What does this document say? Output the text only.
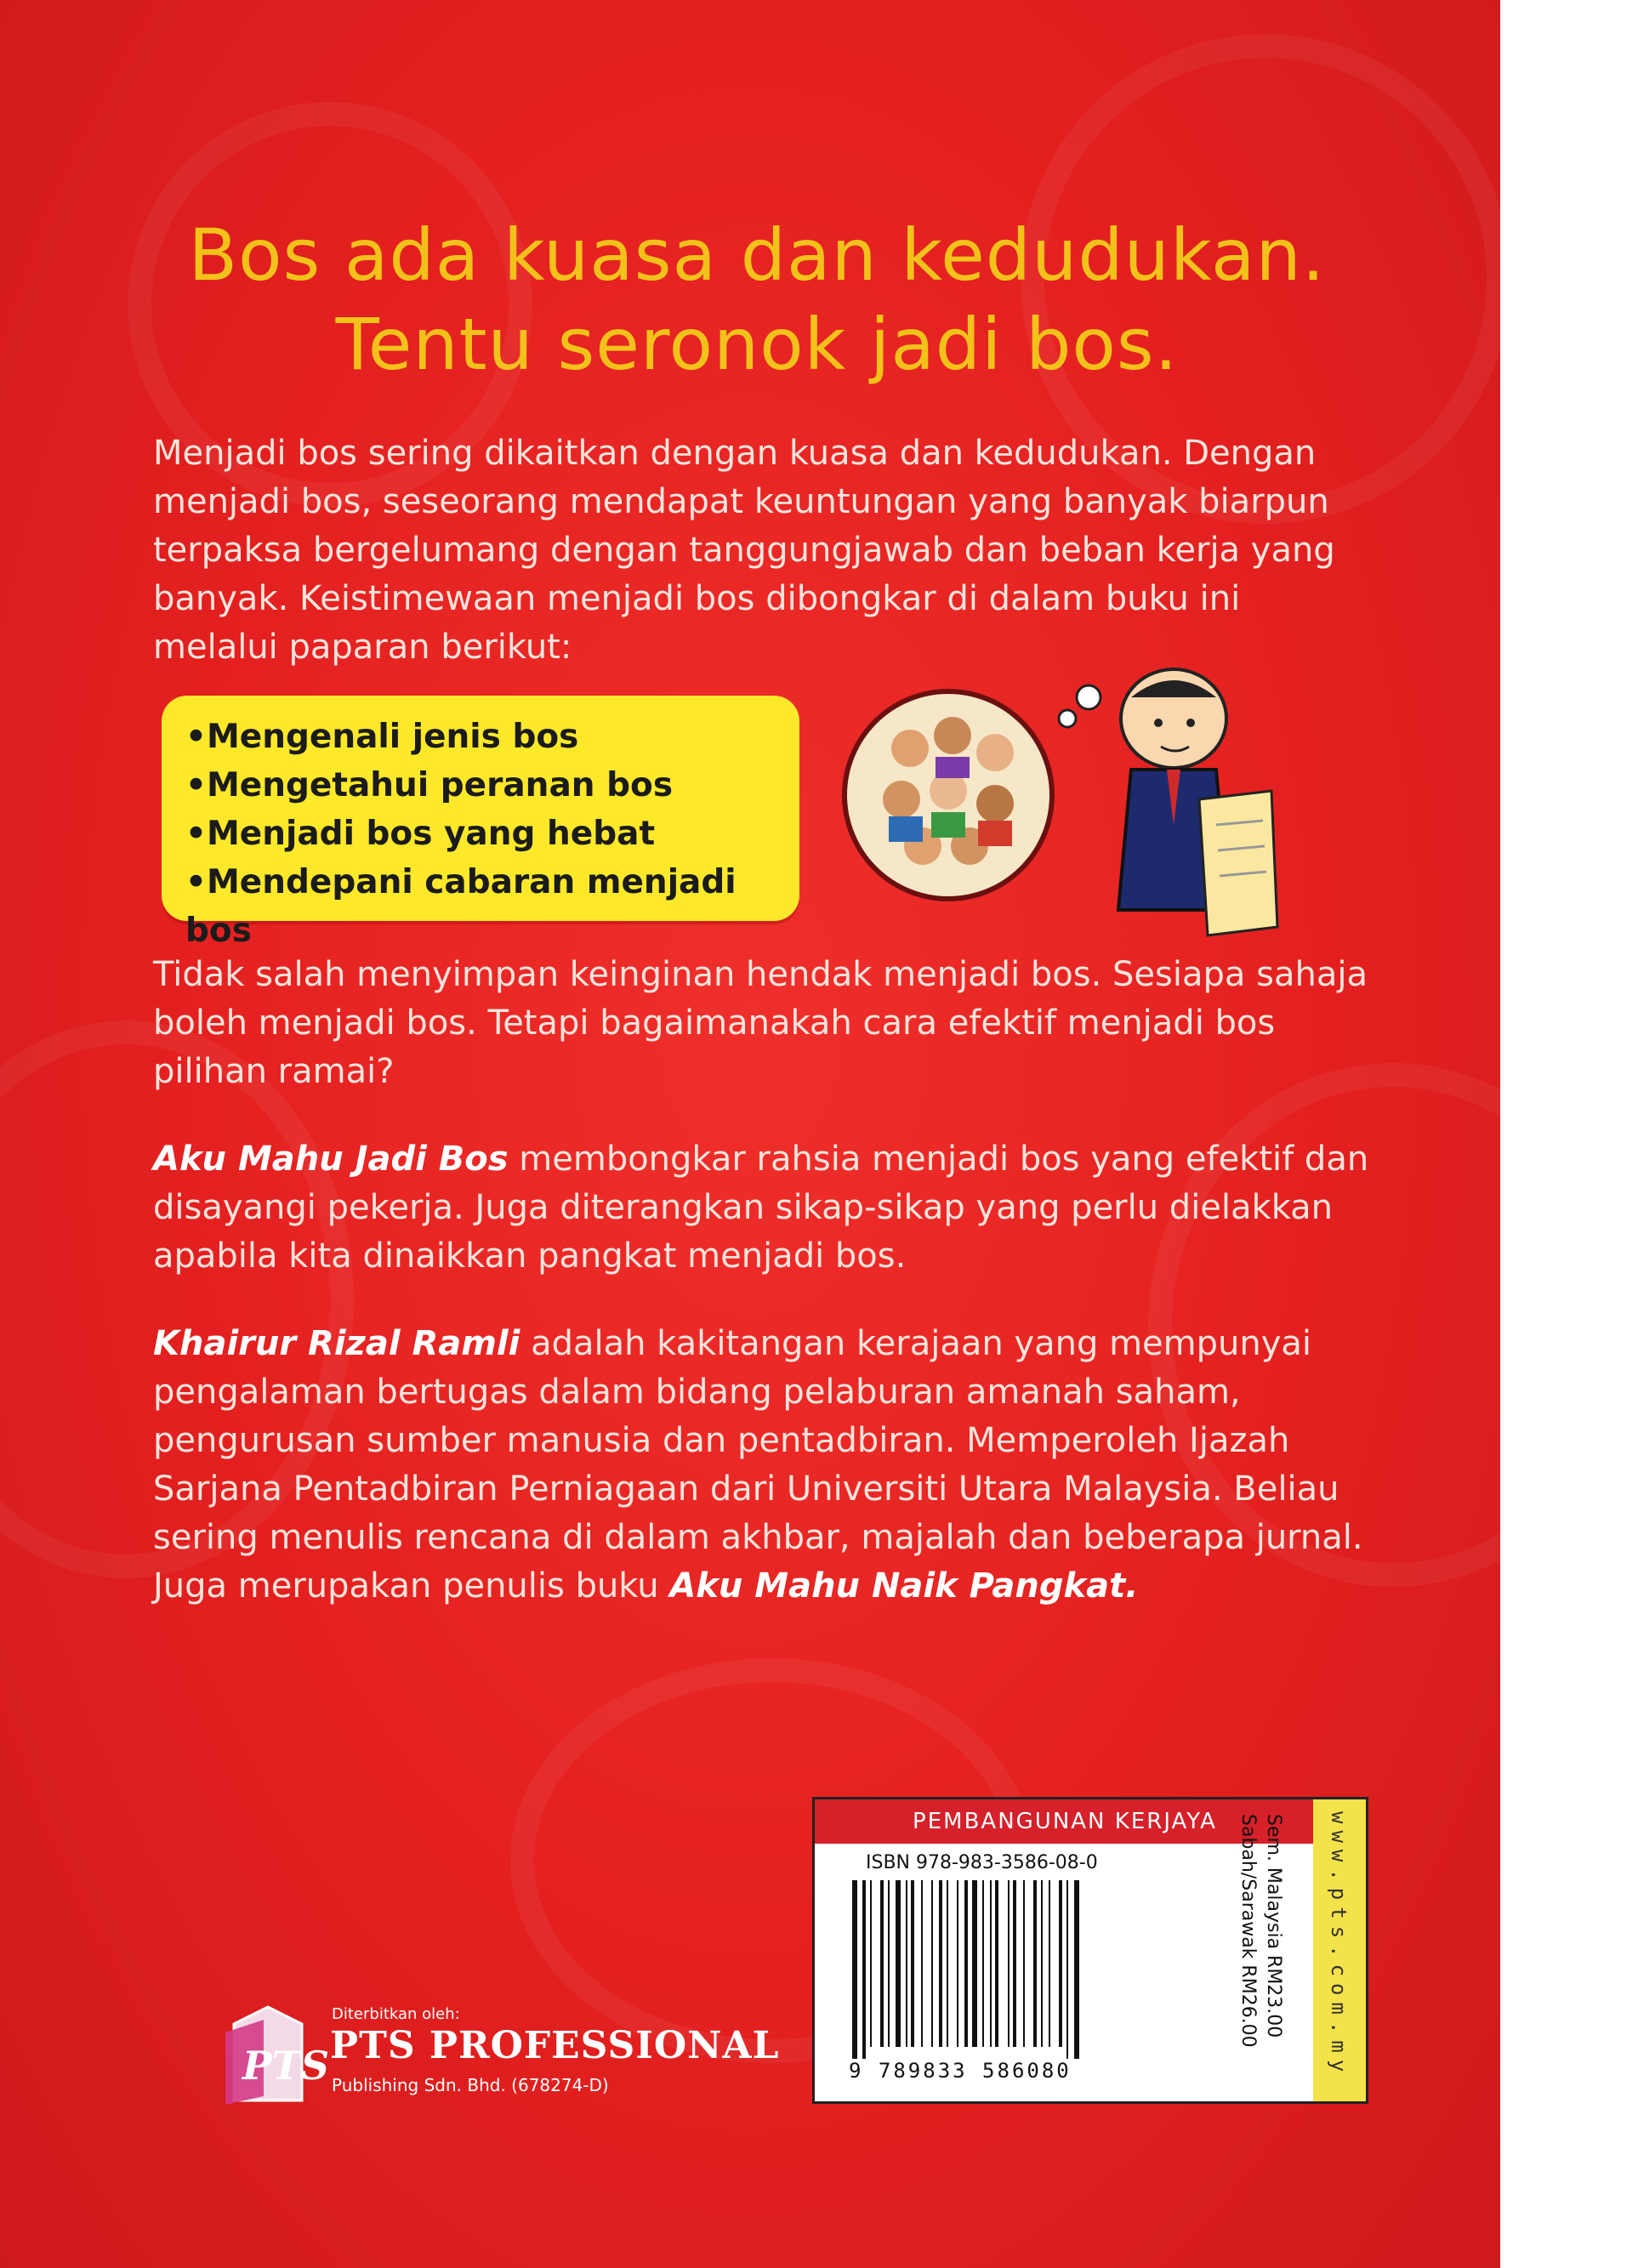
Bos ada kuasa dan kedudukan.
Tentu seronok jadi bos.

Menjadi bos sering dikaitkan dengan kuasa dan kedudukan. Dengan menjadi bos, seseorang mendapat keuntungan yang banyak biarpun terpaksa bergelumang dengan tanggungjawab dan beban kerja yang banyak. Keistimewaan menjadi bos dibongkar di dalam buku ini melalui paparan berikut:

• Mengenali jenis bos
• Mengetahui peranan bos
• Menjadi bos yang hebat
• Mendepani cabaran menjadi bos

Tidak salah menyimpan keinginan hendak menjadi bos. Sesiapa sahaja boleh menjadi bos. Tetapi bagaimanakah cara efektif menjadi bos pilihan ramai?

Aku Mahu Jadi Bos membongkar rahsia menjadi bos yang efektif dan disayangi pekerja. Juga diterangkan sikap-sikap yang perlu dielakkan apabila kita dinaikkan pangkat menjadi bos.

Khairur Rizal Ramli adalah kakitangan kerajaan yang mempunyai pengalaman bertugas dalam bidang pelaburan amanah saham, pengurusan sumber manusia dan pentadbiran. Memperoleh Ijazah Sarjana Pentadbiran Perniagaan dari Universiti Utara Malaysia. Beliau sering menulis rencana di dalam akhbar, majalah dan beberapa jurnal. Juga merupakan penulis buku Aku Mahu Naik Pangkat.

PEMBANGUNAN KERJAYA
ISBN 978-983-3586-08-0
9 789833 586080
Sem. Malaysia RM23.00
Sabah/Sarawak RM26.00	www.pts.com.my
PTS
Diterbitkan oleh:
PTS PROFESSIONAL
Publishing Sdn. Bhd. (678274-D)
